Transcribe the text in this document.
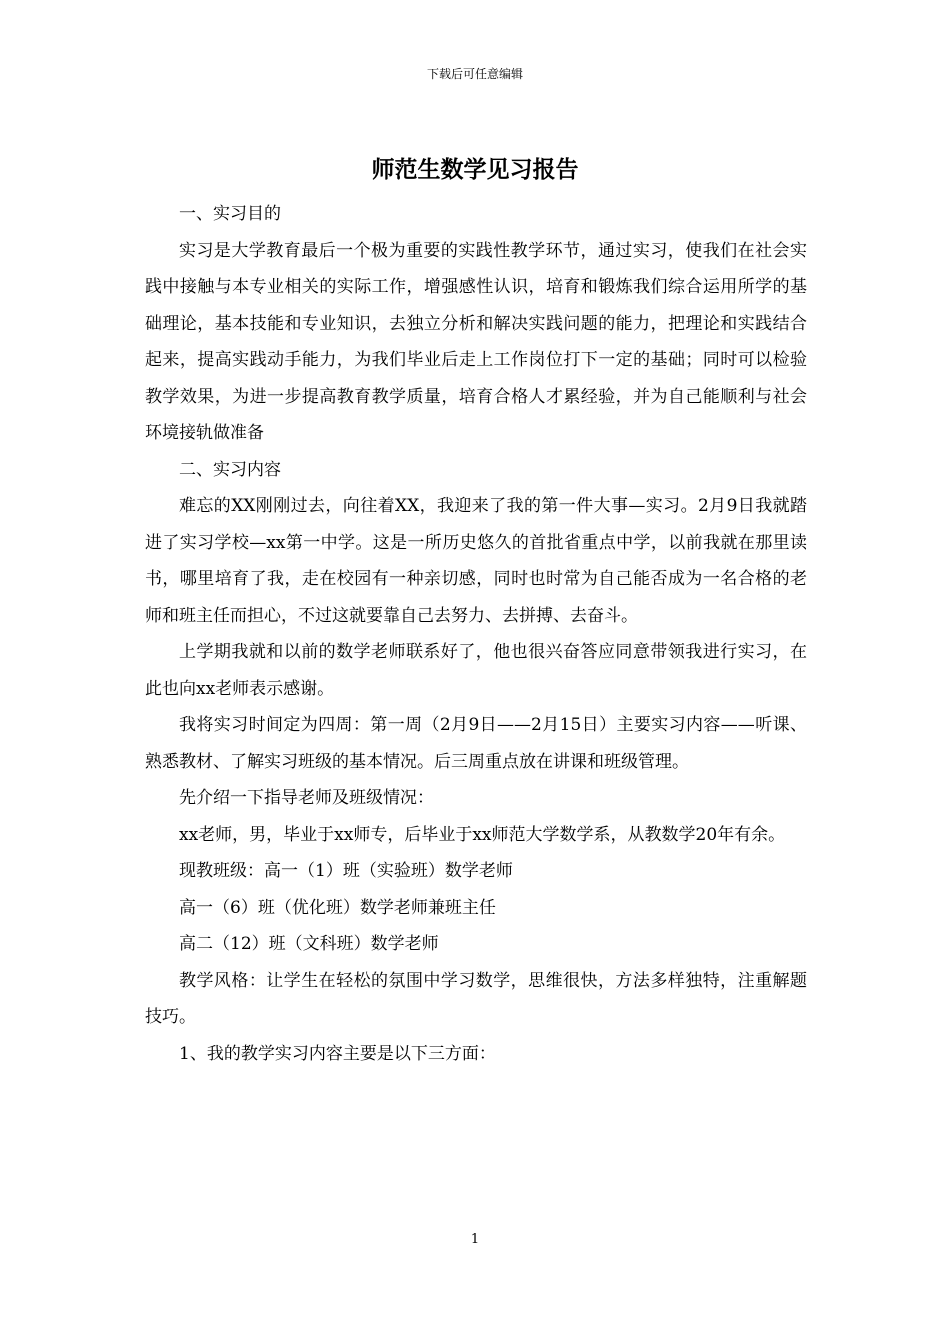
下载后可任意编辑
师范生数学见习报告

一、实习目的

实习是大学教育最后一个极为重要的实践性教学环节，通过实习，使我们在社会实践中接触与本专业相关的实际工作，增强感性认识，培育和锻炼我们综合运用所学的基础理论，基本技能和专业知识，去独立分析和解决实践问题的能力，把理论和实践结合起来，提高实践动手能力，为我们毕业后走上工作岗位打下一定的基础；同时可以检验教学效果，为进一步提高教育教学质量，培育合格人才累经验，并为自己能顺利与社会环境接轨做准备

二、实习内容

难忘的XX刚刚过去，向往着XX，我迎来了我的第一件大事—实习。2月9日我就踏进了实习学校—xx第一中学。这是一所历史悠久的首批省重点中学，以前我就在那里读书，哪里培育了我，走在校园有一种亲切感，同时也时常为自己能否成为一名合格的老师和班主任而担心，不过这就要靠自己去努力、去拼搏、去奋斗。

上学期我就和以前的数学老师联系好了，他也很兴奋答应同意带领我进行实习，在此也向xx老师表示感谢。

我将实习时间定为四周：第一周（2月9日——2月15日）主要实习内容——听课、熟悉教材、了解实习班级的基本情况。后三周重点放在讲课和班级管理。

先介绍一下指导老师及班级情况：

xx老师，男，毕业于xx师专，后毕业于xx师范大学数学系，从教数学20年有余。

现教班级：高一（1）班（实验班）数学老师

高一（6）班（优化班）数学老师兼班主任

高二（12）班（文科班）数学老师

教学风格：让学生在轻松的氛围中学习数学，思维很快，方法多样独特，注重解题技巧。

1、我的教学实习内容主要是以下三方面：

1
